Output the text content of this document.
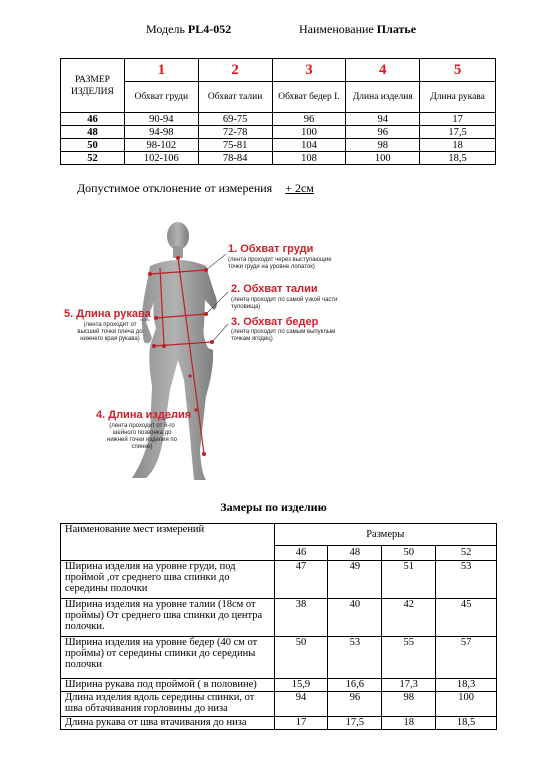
Модель PL4-052	Наименование Платье
РАЗМЕР ИЗДЕЛИЯ	1	2	3	4	5
	Обхват груди	Обхват талии	Обхват бедер I.	Длина изделия	Длина рукава
46	90-94	69-75	96	94	17
48	94-98	72-78	100	96	17,5
50	98-102	75-81	104	98	18
52	102-106	78-84	108	100	18,5
Допустимое отклонение от измерения + 2см
1. Обхват груди
(лента проходит через выступающие точки груди на уровне лопаток)
2. Обхват талии
(лента проходит по самой узкой части туловища)
3. Обхват бедер
(лента проходит по самым выпуклым точкам ягодиц)
5. Длина рукава
(лента проходит от высшей точки плеча до нижнего края рукава)
4. Длина изделия
(лента проходит от 6-го шейного позвонка до нижней точки изделия по спинке)
Замеры по изделию
Наименование мест измерений	Размеры			
	46	48	50	52
Ширина изделия на уровне груди, под проймой ,от среднего шва спинки до середины полочки	47	49	51	53
Ширина изделия на уровне талии (18см от проймы) От среднего шва спинки до центра полочки.	38	40	42	45
Ширина изделия на уровне бедер (40 см от проймы) от середины спинки до середины полочки	50	53	55	57
Ширина рукава под проймой ( в половине)	15,9	16,6	17,3	18,3
Длина изделия вдоль середины спинки, от шва обтачивания горловины до низа	94	96	98	100
Длина рукава от шва втачивания до низа	17	17,5	18	18,5
